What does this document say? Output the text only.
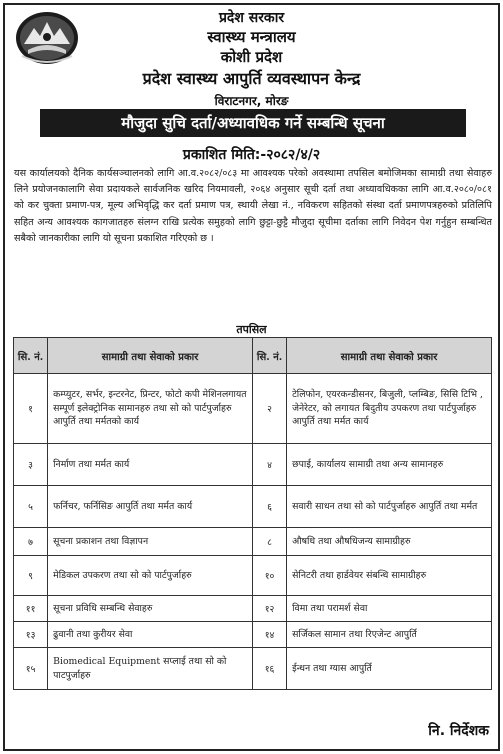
प्रदेश सरकार
स्वास्थ्य मन्त्रालय
कोशी प्रदेश
प्रदेश स्वास्थ्य आपुर्ति व्यवस्थापन केन्द्र
विराटनगर, मोरङ
मौजुदा सुचि दर्ता/अध्यावधिक गर्ने सम्बन्धि सूचना
प्रकाशित मिति:-२०८२/४/२
यस कार्यालयको दैनिक कार्यसञ्चालनको लागि आ.व.२०८२/०८३ मा आवश्यक परेको अवस्थामा तपसिल बमोजिमका सामाग्री तथा सेवाहरु लिने प्रयोजनकालागि सेवा प्रदायकले सार्वजनिक खरिद नियमावली, २०६४ अनुसार सूची दर्ता तथा अध्यावधिकका लागि आ.व.२०८०/०८१ को कर चुक्ता प्रमाण-पत्र, मूल्य अभिवृद्धि कर दर्ता प्रमाण पत्र, स्थायी लेखा नं., नविकरण सहितको संस्था दर्ता प्रमाणपत्रहरुको प्रतिलिपि सहित अन्य आवश्यक कागजातहरु संलग्न राखि प्रत्येक समुहको लागि छुट्टा-छुट्टै मौजुदा सूचीमा दर्ताका लागि निवेदन पेश गर्नुहुन सम्बन्धित सबैको जानकारीका लागि यो सूचना प्रकाशित गरिएको छ ।
तपसिल
सि. नं.	सामाग्री तथा सेवाको प्रकार	सि. नं.	सामाग्री तथा सेवाको प्रकार
१	कम्प्युटर, सर्भर, इन्टरनेट, प्रिन्टर, फोटो कपी मेशिनलगायत सम्पूर्ण इलेक्ट्रोनिक सामानहरु तथा सो को पार्टपुर्जाहरु आपुर्ति तथा मर्मतको कार्य	२	टेलिफोन, एयरकन्डीसनर, बिजुली, प्लम्बिङ, सिसि टिभि , जेनेरेटर, को लगायत बिदुतीय उपकरण तथा पार्टपुर्जाहरु आपुर्ति तथा मर्मत कार्य
३	निर्माण तथा मर्मत कार्य	४	छपाई, कार्यालय सामाग्री तथा अन्य सामानहरु
५	फर्निचर, फर्निसिङ आपुर्ति तथा मर्मत कार्य	६	सवारी साधन तथा सो को पार्टपुर्जाहरु आपुर्ति तथा मर्मत
७	सूचना प्रकाशन तथा विज्ञापन	८	औषधि तथा औषधिजन्य सामाग्रीहरु
९	मेडिकल उपकरण तथा सो को पार्टपुर्जाहरु	१०	सेनिटरी तथा हार्डवेयर संबन्धि सामाग्रीहरु
११	सूचना प्रविधि सम्बन्धि सेवाहरु	१२	विमा तथा परामर्श सेवा
१३	ढुवानी तथा कुरीयर सेवा	१४	सर्जिकल सामान तथा रिएजेन्ट आपुर्ति
१५	Biomedical Equipment सप्लाई तथा सो को पाटपुर्जाहरु	१६	ईन्धन तथा ग्यास आपुर्ति
नि. निर्देशक
